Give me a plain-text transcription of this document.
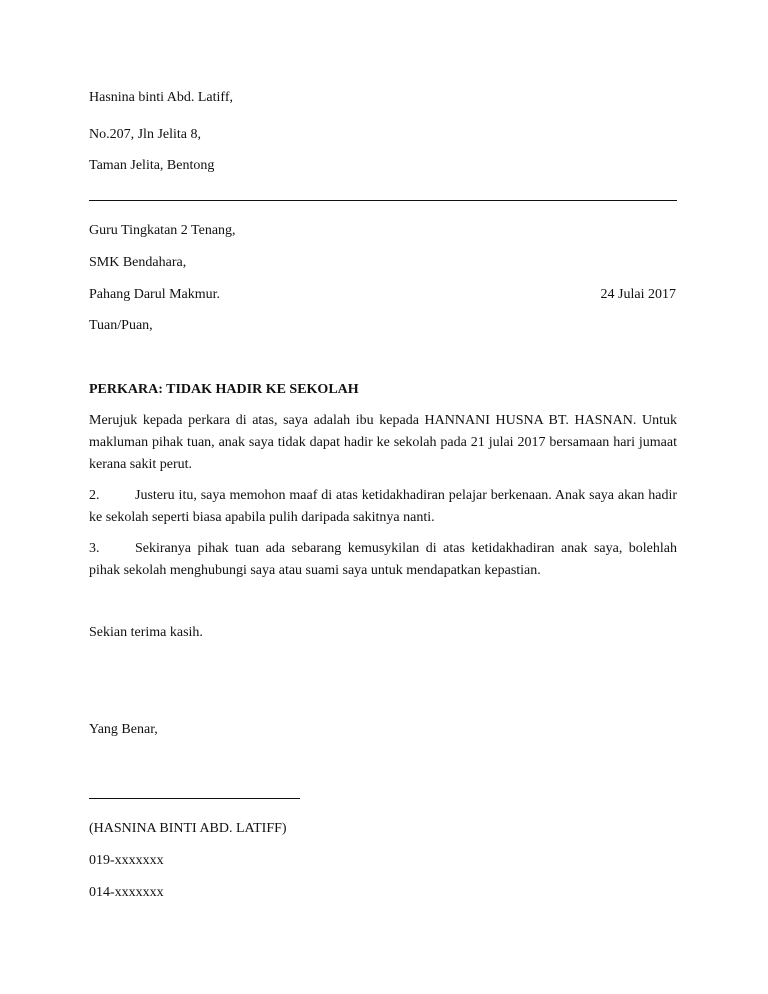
Hasnina binti Abd. Latiff,
No.207, Jln Jelita 8,
Taman Jelita, Bentong
Guru Tingkatan 2 Tenang,
SMK Bendahara,
Pahang Darul Makmur.	24 Julai 2017
Tuan/Puan,
PERKARA: TIDAK HADIR KE SEKOLAH
Merujuk kepada perkara di atas, saya adalah ibu kepada HANNANI HUSNA BT. HASNAN. Untuk makluman pihak tuan, anak saya tidak dapat hadir ke sekolah pada 21 julai 2017 bersamaan hari jumaat kerana sakit perut.
2.	Justeru itu, saya memohon maaf di atas ketidakhadiran pelajar berkenaan. Anak saya akan hadir ke sekolah seperti biasa apabila pulih daripada sakitnya nanti.
3.	Sekiranya pihak tuan ada sebarang kemusykilan di atas ketidakhadiran anak saya, bolehlah pihak sekolah menghubungi saya atau suami saya untuk mendapatkan kepastian.
Sekian terima kasih.
Yang Benar,
(HASNINA BINTI ABD. LATIFF)
019-xxxxxxx
014-xxxxxxx
